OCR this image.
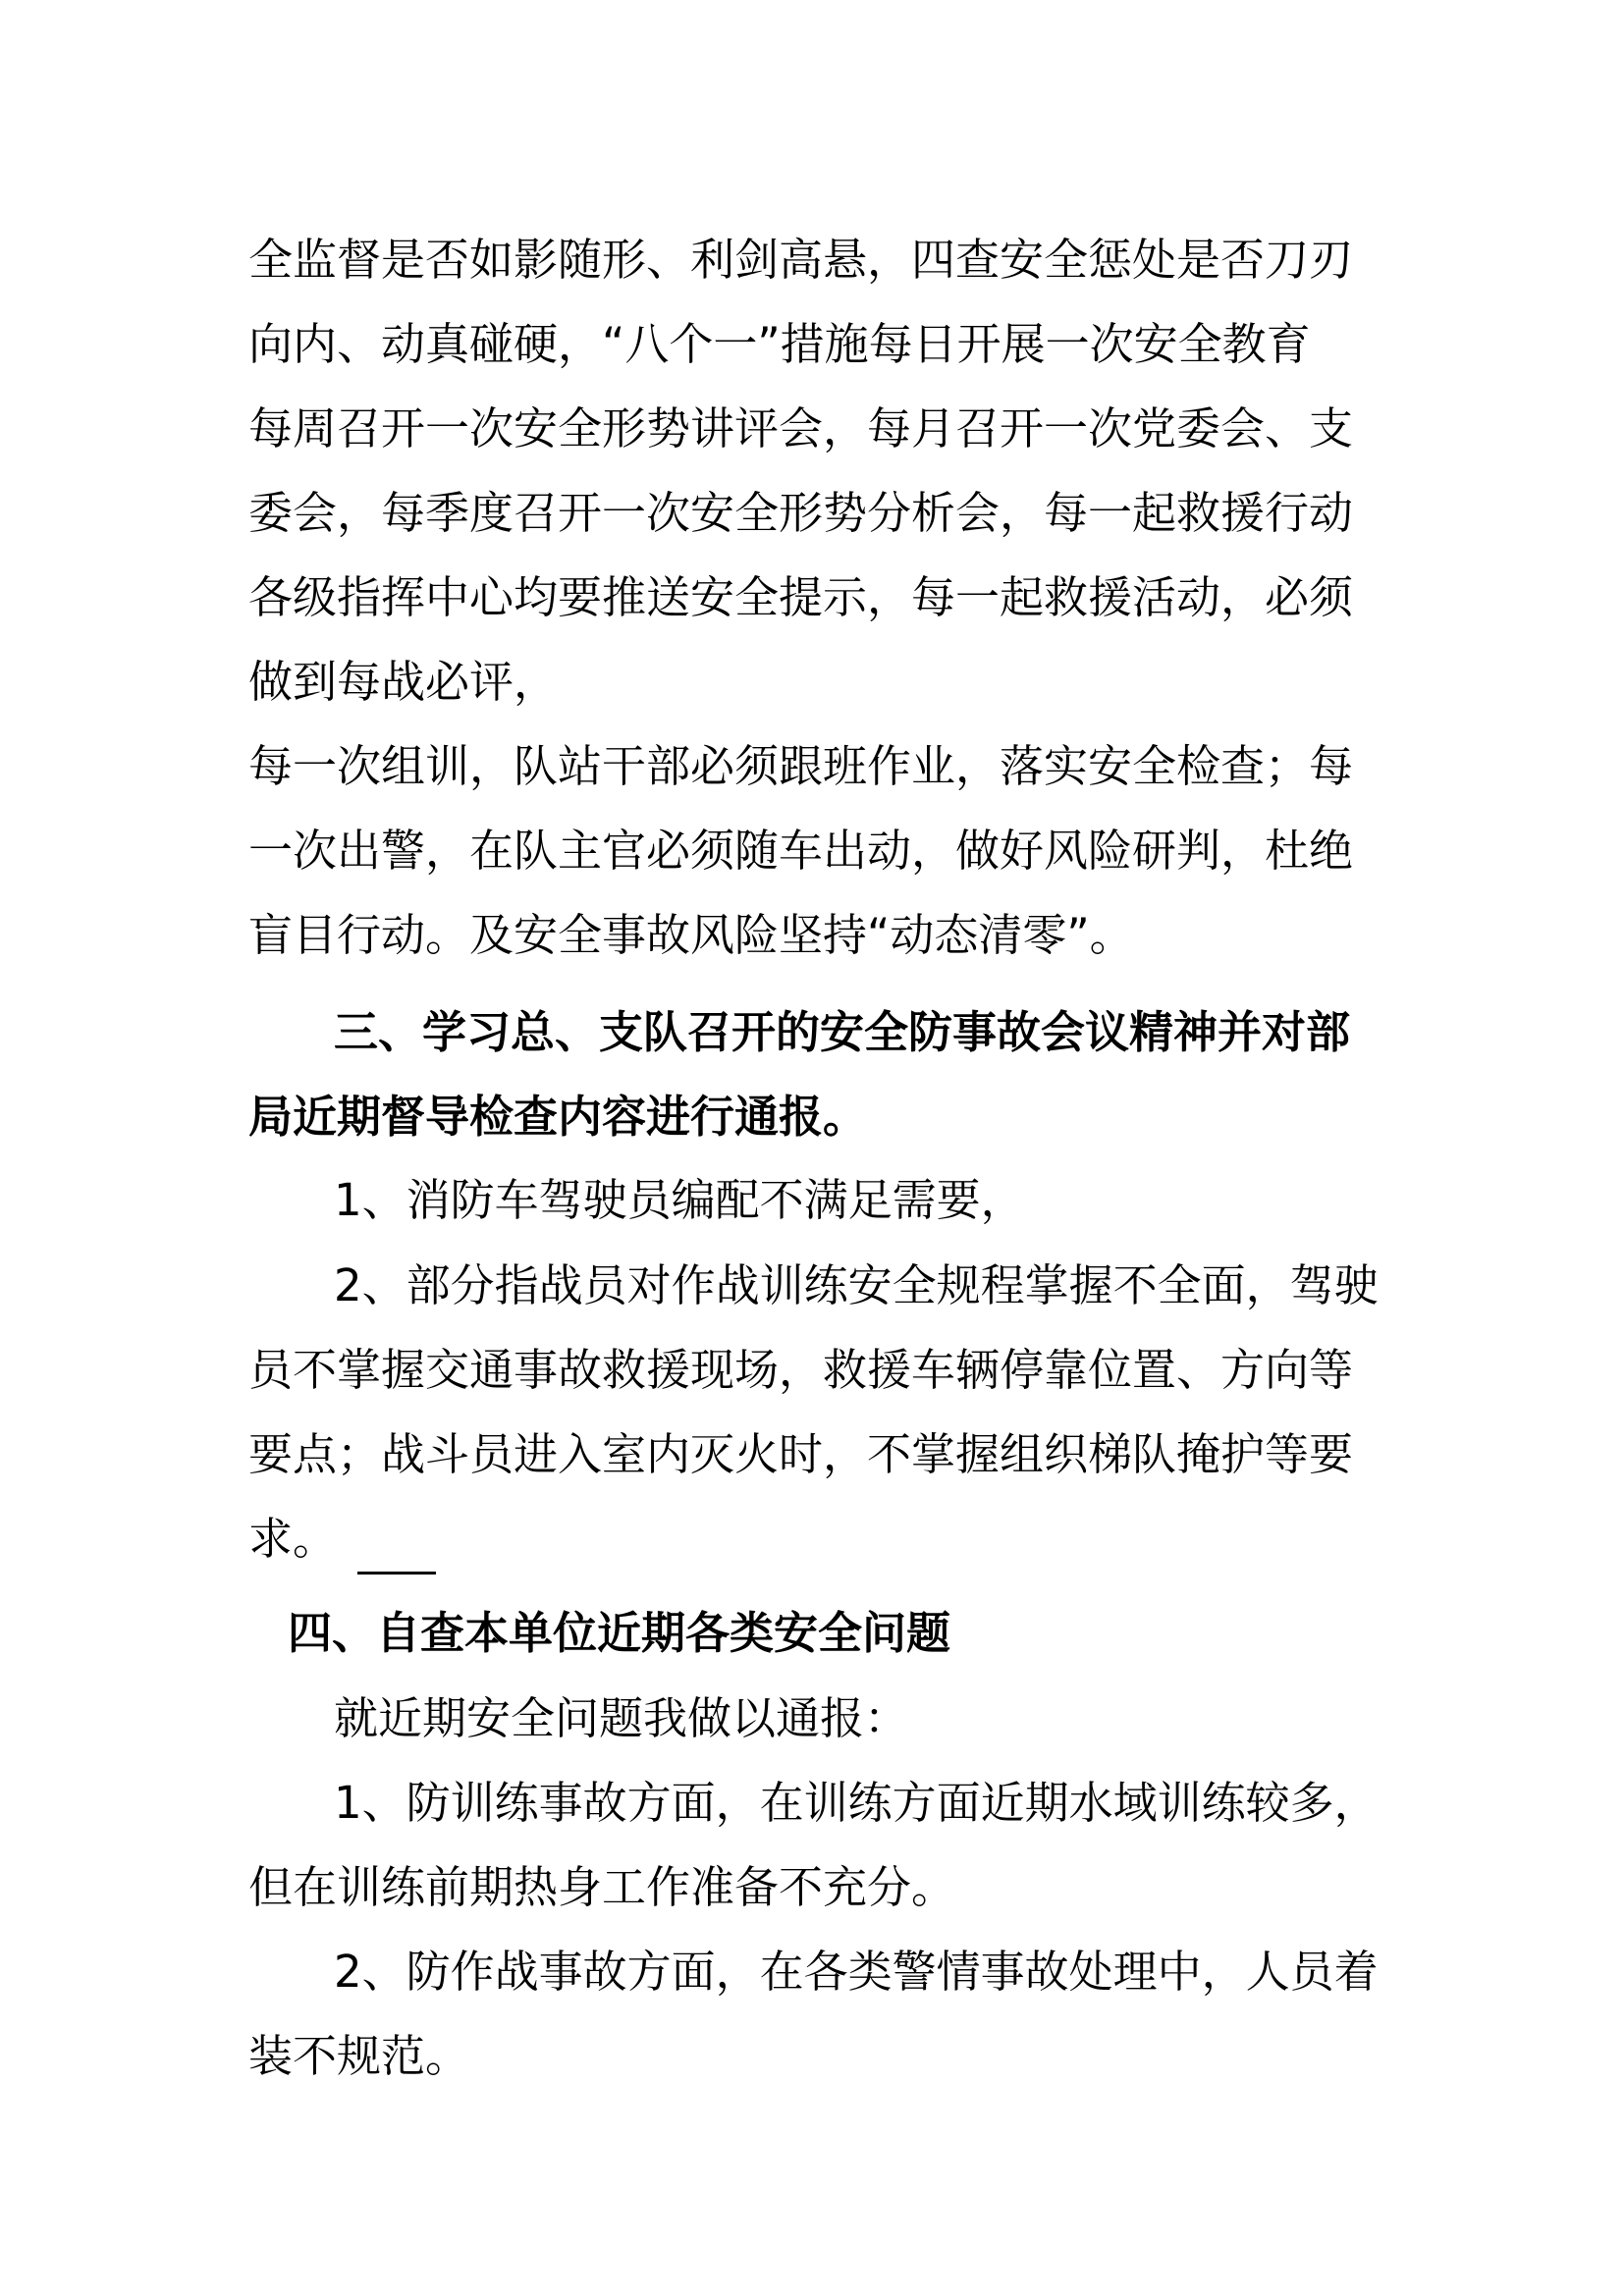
全监督是否如影随形、利剑高悬，四查安全惩处是否刀刃
向内、动真碰硬，“八个一”措施每日开展一次安全教育
每周召开一次安全形势讲评会，每月召开一次党委会、支
委会，每季度召开一次安全形势分析会，每一起救援行动
各级指挥中心均要推送安全提示，每一起救援活动，必须
做到每战必评，
每一次组训，队站干部必须跟班作业，落实安全检查；每
一次出警，在队主官必须随车出动，做好风险研判，杜绝
盲目行动。及安全事故风险坚持“动态清零”。
三、学习总、支队召开的安全防事故会议精神并对部
局近期督导检查内容进行通报。
1、消防车驾驶员编配不满足需要，
2、部分指战员对作战训练安全规程掌握不全面，驾驶
员不掌握交通事故救援现场，救援车辆停靠位置、方向等
要点；战斗员进入室内灭火时，不掌握组织梯队掩护等要
求。
四、自查本单位近期各类安全问题
就近期安全问题我做以通报：
1、防训练事故方面，在训练方面近期水域训练较多，
但在训练前期热身工作准备不充分。
2、防作战事故方面，在各类警情事故处理中，人员着
装不规范。
